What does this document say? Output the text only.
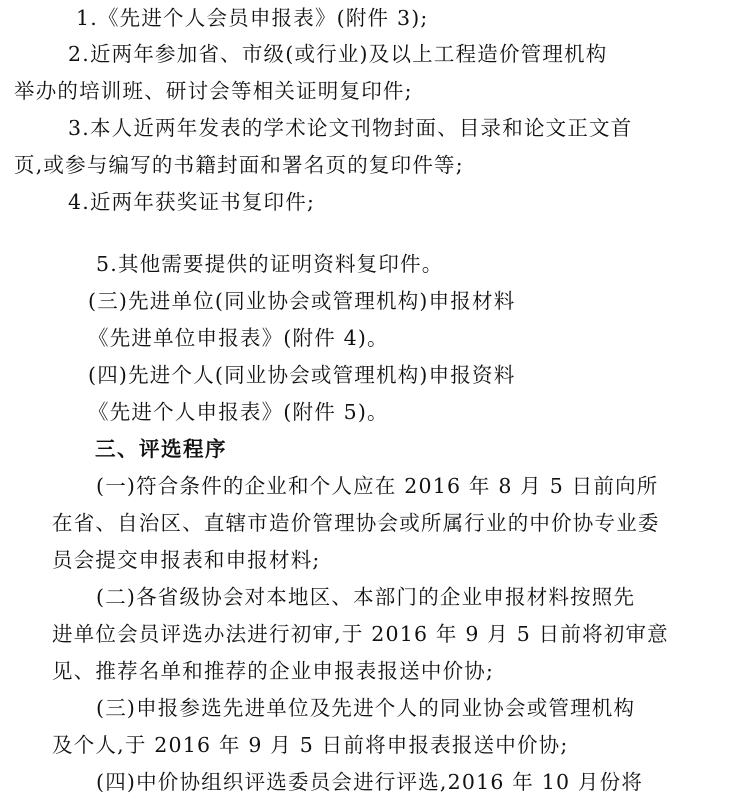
1.《先进个人会员申报表》(附件 3);
2.近两年参加省、市级(或行业)及以上工程造价管理机构
举办的培训班、研讨会等相关证明复印件;
3.本人近两年发表的学术论文刊物封面、目录和论文正文首
页,或参与编写的书籍封面和署名页的复印件等;
4.近两年获奖证书复印件;
5.其他需要提供的证明资料复印件。
(三)先进单位(同业协会或管理机构)申报材料
《先进单位申报表》(附件 4)。
(四)先进个人(同业协会或管理机构)申报资料
《先进个人申报表》(附件 5)。
三、评选程序
(一)符合条件的企业和个人应在 2016 年 8 月 5 日前向所
在省、自治区、直辖市造价管理协会或所属行业的中价协专业委
员会提交申报表和申报材料;
(二)各省级协会对本地区、本部门的企业申报材料按照先
进单位会员评选办法进行初审,于 2016 年 9 月 5 日前将初审意
见、推荐名单和推荐的企业申报表报送中价协;
(三)申报参选先进单位及先进个人的同业协会或管理机构
及个人,于 2016 年 9 月 5 日前将申报表报送中价协;
(四)中价协组织评选委员会进行评选,2016 年 10 月份将
